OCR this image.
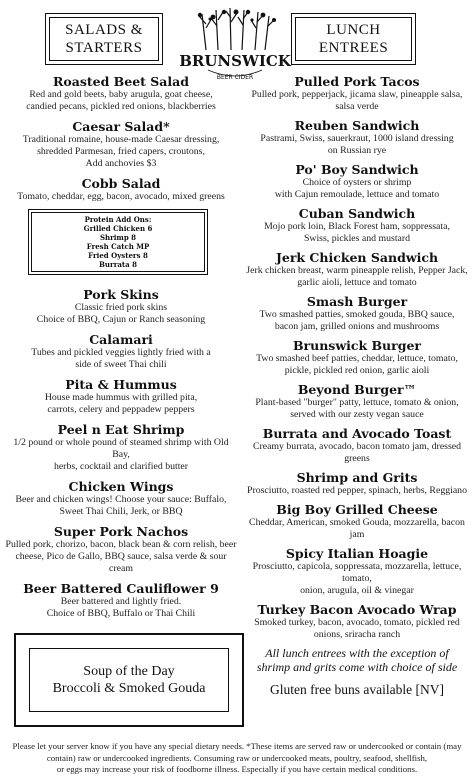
SALADS &
STARTERS
LUNCH
ENTREES
BRUNSWICK
BEER CIDER
Roasted Beet Salad
Red and gold beets, baby arugula, goat cheese,
candied pecans, pickled red onions, blackberries
Caesar Salad*
Traditional romaine, house-made Caesar dressing,
shredded Parmesan, fried capers, croutons,
Add anchovies $3
Cobb Salad
Tomato, cheddar, egg, bacon, avocado, mixed greens
Protein Add Ons:
Grilled Chicken 6
Shrimp 8
Fresh Catch MP
Fried Oysters 8
Burrata 8
Pork Skins
Classic fried pork skins
Choice of BBQ, Cajun or Ranch seasoning
Calamari
Tubes and pickled veggies lightly fried with a
side of sweet Thai chili
Pita & Hummus
House made hummus with grilled pita,
carrots, celery and peppadew peppers
Peel n Eat Shrimp
1/2 pound or whole pound of steamed shrimp with Old Bay,
herbs, cocktail and clarified butter
Chicken Wings
Beer and chicken wings! Choose your sauce: Buffalo,
Sweet Thai Chili, Jerk, or BBQ
Super Pork Nachos
Pulled pork, chorizo, bacon, black bean & corn relish, beer
cheese, Pico de Gallo, BBQ sauce, salsa verde & sour cream
Beer Battered Cauliflower 9
Beer battered and lightly fried.
Choice of BBQ, Buffalo or Thai Chili
Soup of the Day
Broccoli & Smoked Gouda
Pulled Pork Tacos
Pulled pork, pepperjack, jicama slaw, pineapple salsa,
salsa verde
Reuben Sandwich
Pastrami, Swiss, sauerkraut, 1000 island dressing
on Russian rye
Po' Boy Sandwich
Choice of oysters or shrimp
with Cajun remoulade, lettuce and tomato
Cuban Sandwich
Mojo pork loin, Black Forest ham, soppressata,
Swiss, pickles and mustard
Jerk Chicken Sandwich
Jerk chicken breast, warm pineapple relish, Pepper Jack,
garlic aioli, lettuce and tomato
Smash Burger
Two smashed patties, smoked gouda, BBQ sauce,
bacon jam, grilled onions and mushrooms
Brunswick Burger
Two smashed beef patties, cheddar, lettuce, tomato,
pickle, pickled red onion, garlic aioli
Beyond Burger™
Plant-based "burger" patty, lettuce, tomato & onion,
served with our zesty vegan sauce
Burrata and Avocado Toast
Creamy burrata, avocado, bacon tomato jam, dressed greens
Shrimp and Grits
Prosciutto, roasted red pepper, spinach, herbs, Reggiano
Big Boy Grilled Cheese
Cheddar, American, smoked Gouda, mozzarella, bacon jam
Spicy Italian Hoagie
Prosciutto, capicola, soppressata, mozzarella, lettuce, tomato,
onion, arugula, oil & vinegar
Turkey Bacon Avocado Wrap
Smoked turkey, bacon, avocado, tomato, pickled red
onions, sriracha ranch
All lunch entrees with the exception of
shrimp and grits come with choice of side
Gluten free buns available [NV]
Please let your server know if you have any special dietary needs. *These items are served raw or undercooked or contain (may
contain) raw or undercooked ingredients. Consuming raw or undercooked meats, poultry, seafood, shellfish,
or eggs may increase your risk of foodborne illness. Especially if you have certain medical conditions.
